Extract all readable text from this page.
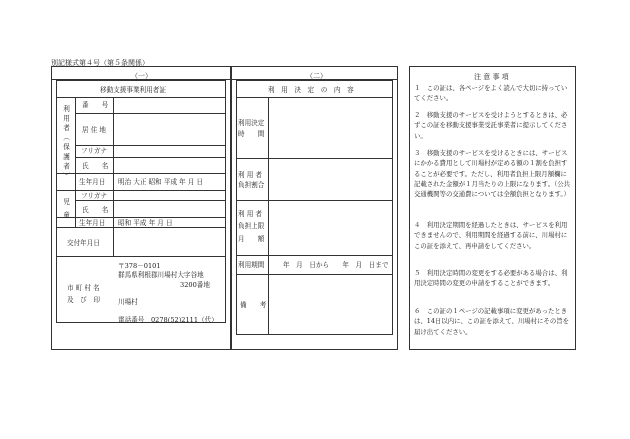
別記様式第４号（第５条関係）
（一）
移動支援事業利用者証
利用者（保護者）
児　童
番　　号
居 住 地
フリガナ
氏　　名
生年月日 明治 大正 昭和 平成 年 月 日
フリガナ
氏　　名
生年月日 昭和 平成 年 月 日
交付年月日
市 町 村 名
及　び　印
〒378－0101
群馬県利根郡川場村大字谷地
3200番地
川場村
電話番号　0278(52)2111（代）
（二）
利　用　決　定　の　内　容
利用決定
時　　間
利 用 者
負担割合
利 用 者
負担上限
月　　額
利用期間	年　月　日から　　年　月　日まで
備　　考
注 意 事 項
１　この証は、各ページをよく読んで大切に持っていてください。
２　移動支援のサービスを受けようとするときは、必ずこの証を移動支援事業受託事業者に提示してください。
３　移動支援のサービスを受けるときには、サービスにかかる費用として川場村が定める額の１割を負担することが必要です。ただし、利用者負担上限月額欄に記載された金額が１月当たりの上限になります。（公共交通機関等の交通費については全額負担となります。）
４　利用決定期間を経過したときは、サービスを利用できませんので、利用期間を経過する前に、川場村にこの証を添えて、再申請をしてください。
５　利用決定時間の変更をする必要がある場合は、利用決定時間の変更の申請をすることができます。
６　この証の１ページの記載事項に変更があったときは、14日以内に、この証を添えて、川場村にその旨を届け出てください。
